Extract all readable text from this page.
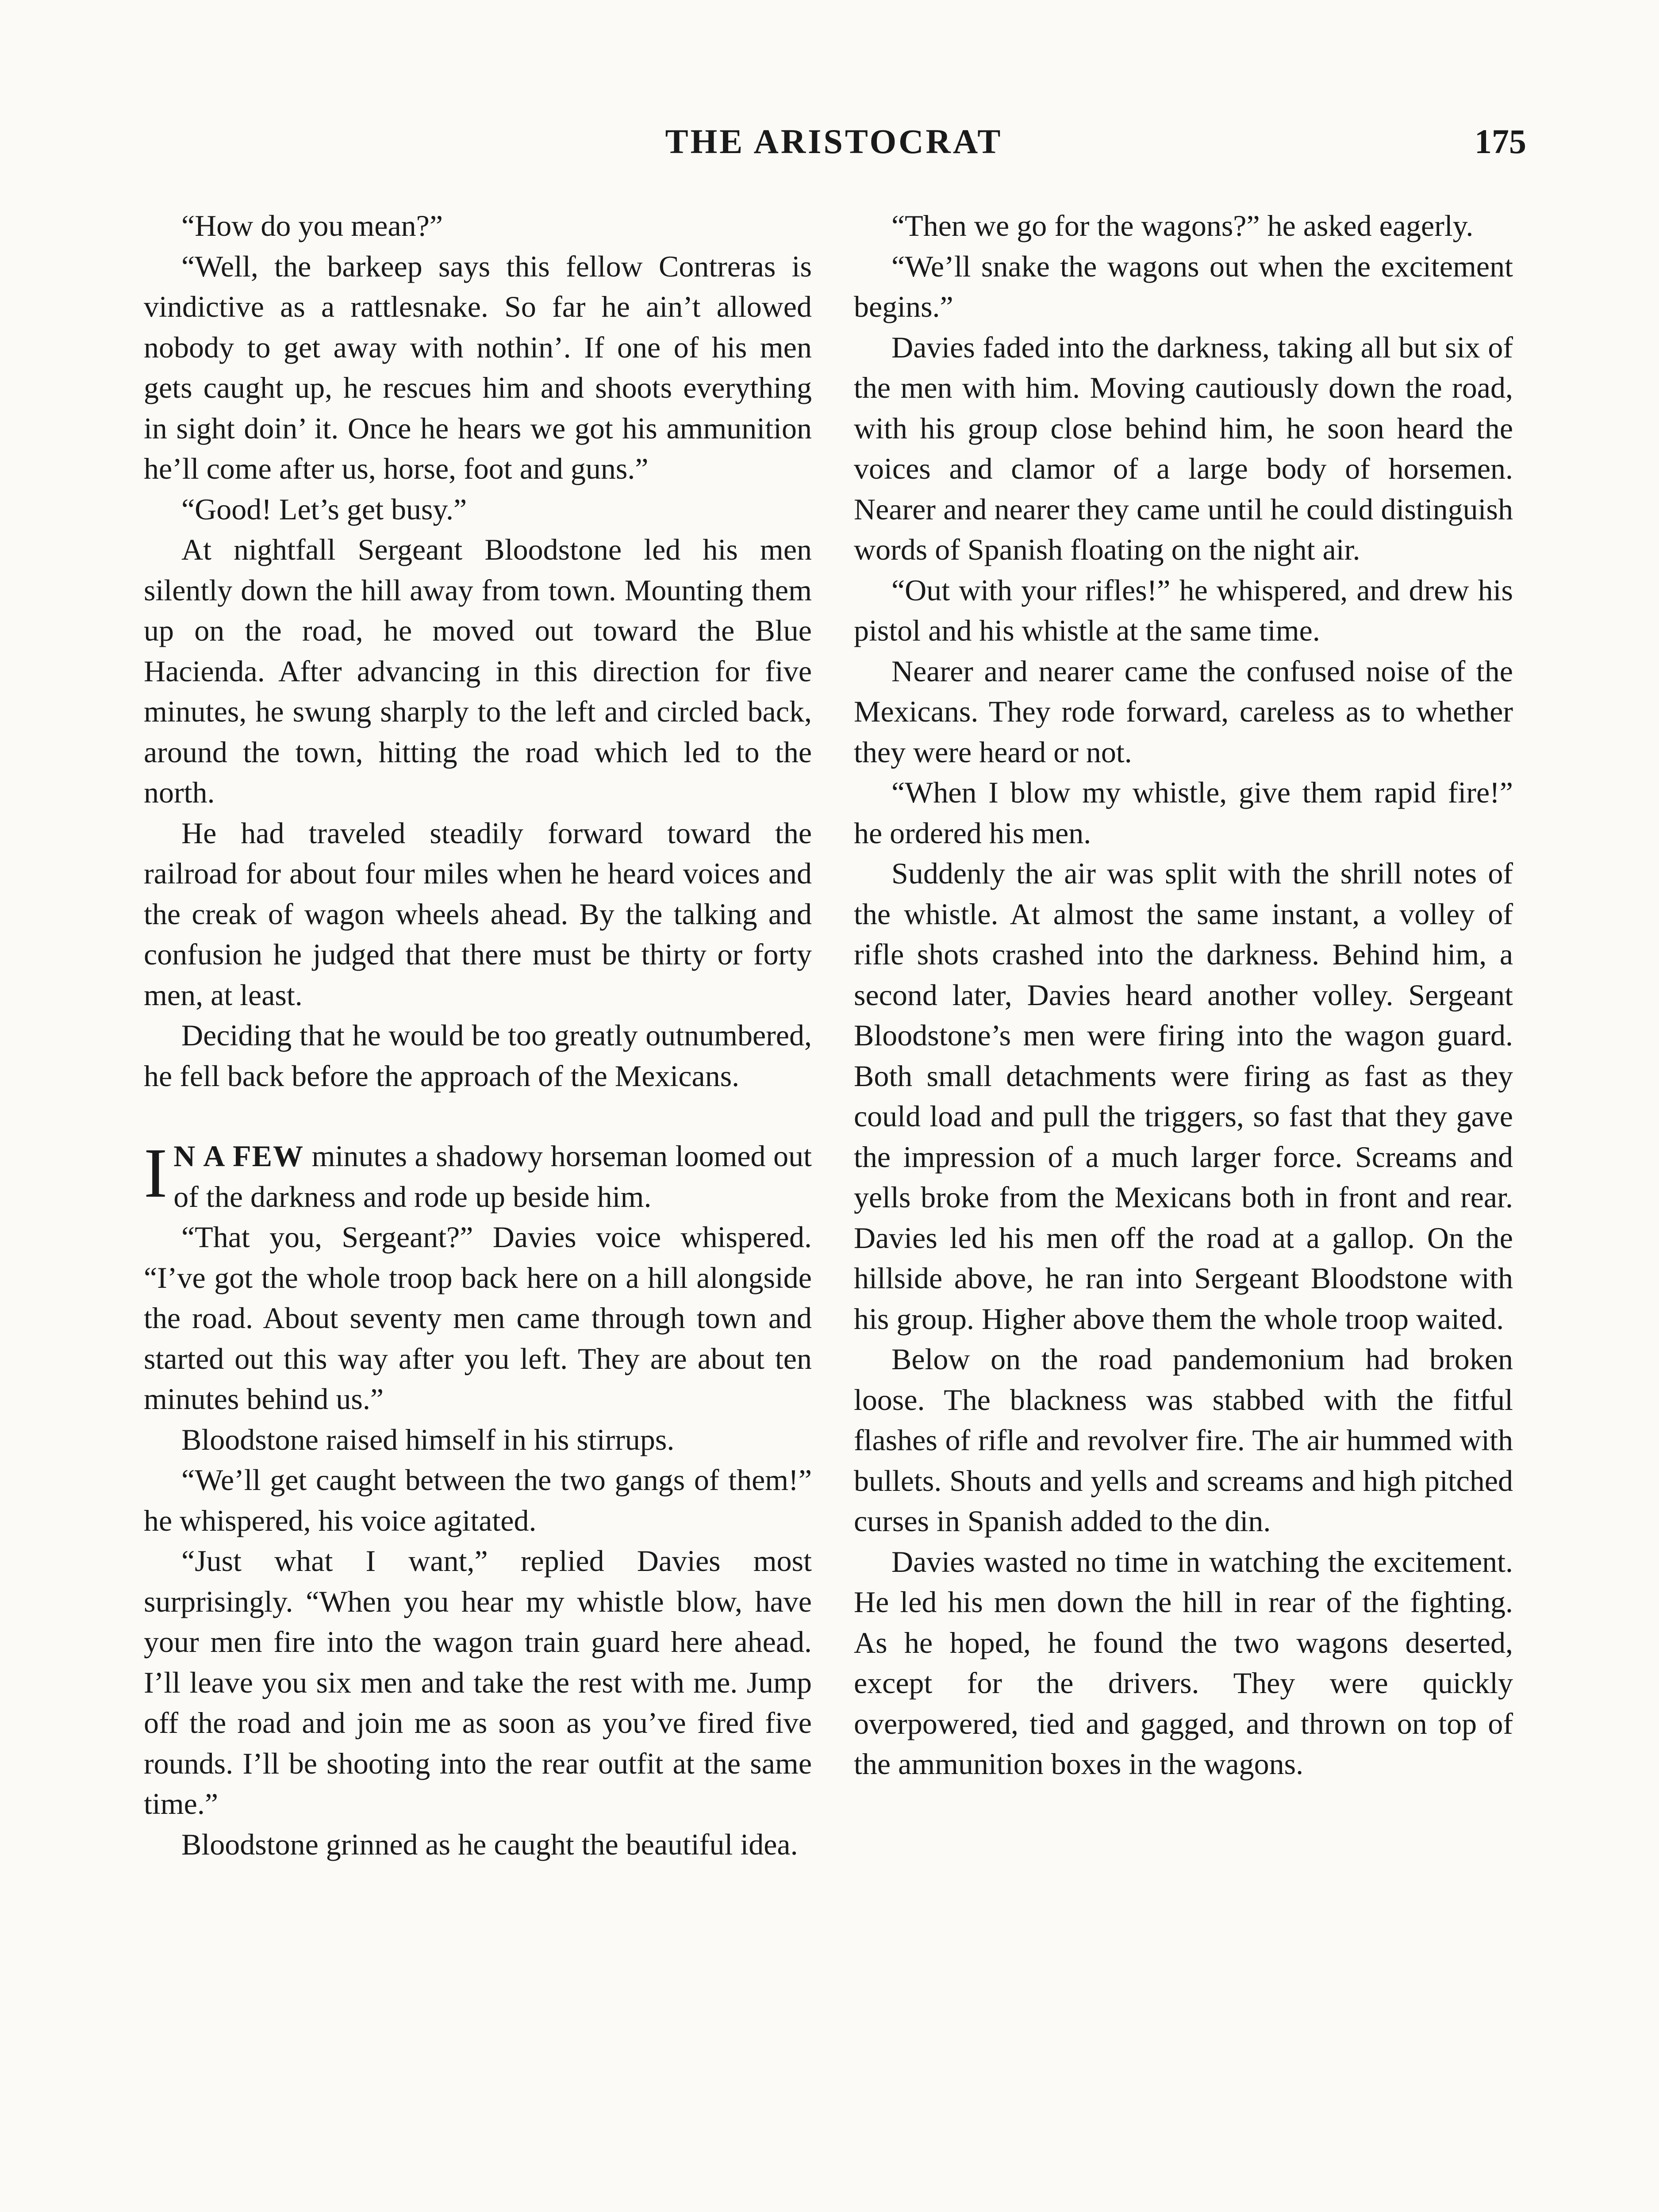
THE ARISTOCRAT	175

“How do you mean?”

“Well, the barkeep says this fellow Contreras is vindictive as a rattlesnake. So far he ain’t allowed nobody to get away with nothin’. If one of his men gets caught up, he rescues him and shoots everything in sight doin’ it. Once he hears we got his ammunition he’ll come after us, horse, foot and guns.”

“Good! Let’s get busy.”

At nightfall Sergeant Bloodstone led his men silently down the hill away from town. Mounting them up on the road, he moved out toward the Blue Hacienda. After advancing in this direction for five minutes, he swung sharply to the left and circled back, around the town, hitting the road which led to the north.

He had traveled steadily forward toward the railroad for about four miles when he heard voices and the creak of wagon wheels ahead. By the talking and confusion he judged that there must be thirty or forty men, at least.

Deciding that he would be too greatly outnumbered, he fell back before the approach of the Mexicans.

I N A FEW minutes a shadowy horseman loomed out of the darkness and rode up beside him.

“That you, Sergeant?” Davies voice whispered. “I’ve got the whole troop back here on a hill alongside the road. About seventy men came through town and started out this way after you left. They are about ten minutes behind us.”

Bloodstone raised himself in his stirrups.

“We’ll get caught between the two gangs of them!” he whispered, his voice agitated.

“Just what I want,” replied Davies most surprisingly. “When you hear my whistle blow, have your men fire into the wagon train guard here ahead. I’ll leave you six men and take the rest with me. Jump off the road and join me as soon as you’ve fired five rounds. I’ll be shooting into the rear outfit at the same time.”

Bloodstone grinned as he caught the beautiful idea.

“Then we go for the wagons?” he asked eagerly.

“We’ll snake the wagons out when the excitement begins.”

Davies faded into the darkness, taking all but six of the men with him. Moving cautiously down the road, with his group close behind him, he soon heard the voices and clamor of a large body of horsemen. Nearer and nearer they came until he could distinguish words of Spanish floating on the night air.

“Out with your rifles!” he whispered, and drew his pistol and his whistle at the same time.

Nearer and nearer came the confused noise of the Mexicans. They rode forward, careless as to whether they were heard or not.

“When I blow my whistle, give them rapid fire!” he ordered his men.

Suddenly the air was split with the shrill notes of the whistle. At almost the same instant, a volley of rifle shots crashed into the darkness. Behind him, a second later, Davies heard another volley. Sergeant Bloodstone’s men were firing into the wagon guard. Both small detachments were firing as fast as they could load and pull the triggers, so fast that they gave the impression of a much larger force. Screams and yells broke from the Mexicans both in front and rear. Davies led his men off the road at a gallop. On the hillside above, he ran into Sergeant Bloodstone with his group. Higher above them the whole troop waited.

Below on the road pandemonium had broken loose. The blackness was stabbed with the fitful flashes of rifle and revolver fire. The air hummed with bullets. Shouts and yells and screams and high pitched curses in Spanish added to the din.

Davies wasted no time in watching the excitement. He led his men down the hill in rear of the fighting. As he hoped, he found the two wagons deserted, except for the drivers. They were quickly overpowered, tied and gagged, and thrown on top of the ammunition boxes in the wagons.
